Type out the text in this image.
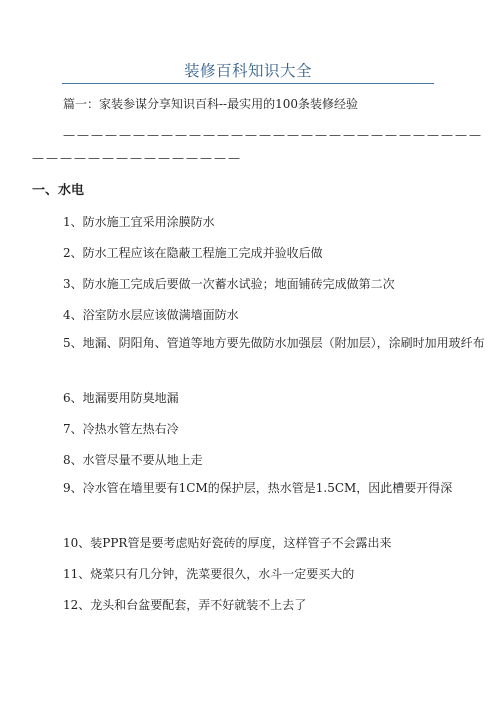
装修百科知识大全
篇一：家装参谋分享知识百科--最实用的100条装修经验
——————————————————————————————
———————————————
一、水电
1、防水施工宜采用涂膜防水
2、防水工程应该在隐蔽工程施工完成并验收后做
3、防水施工完成后要做一次蓄水试验；地面铺砖完成做第二次
4、浴室防水层应该做满墙面防水
5、地漏、阴阳角、管道等地方要先做防水加强层（附加层），涂刷时加用玻纤布
6、地漏要用防臭地漏
7、冷热水管左热右冷
8、水管尽量不要从地上走
9、冷水管在墙里要有1CM的保护层，热水管是1.5CM，因此槽要开得深
10、装PPR管是要考虑贴好瓷砖的厚度，这样管子不会露出来
11、烧菜只有几分钟，洗菜要很久，水斗一定要买大的
12、龙头和台盆要配套，弄不好就装不上去了
